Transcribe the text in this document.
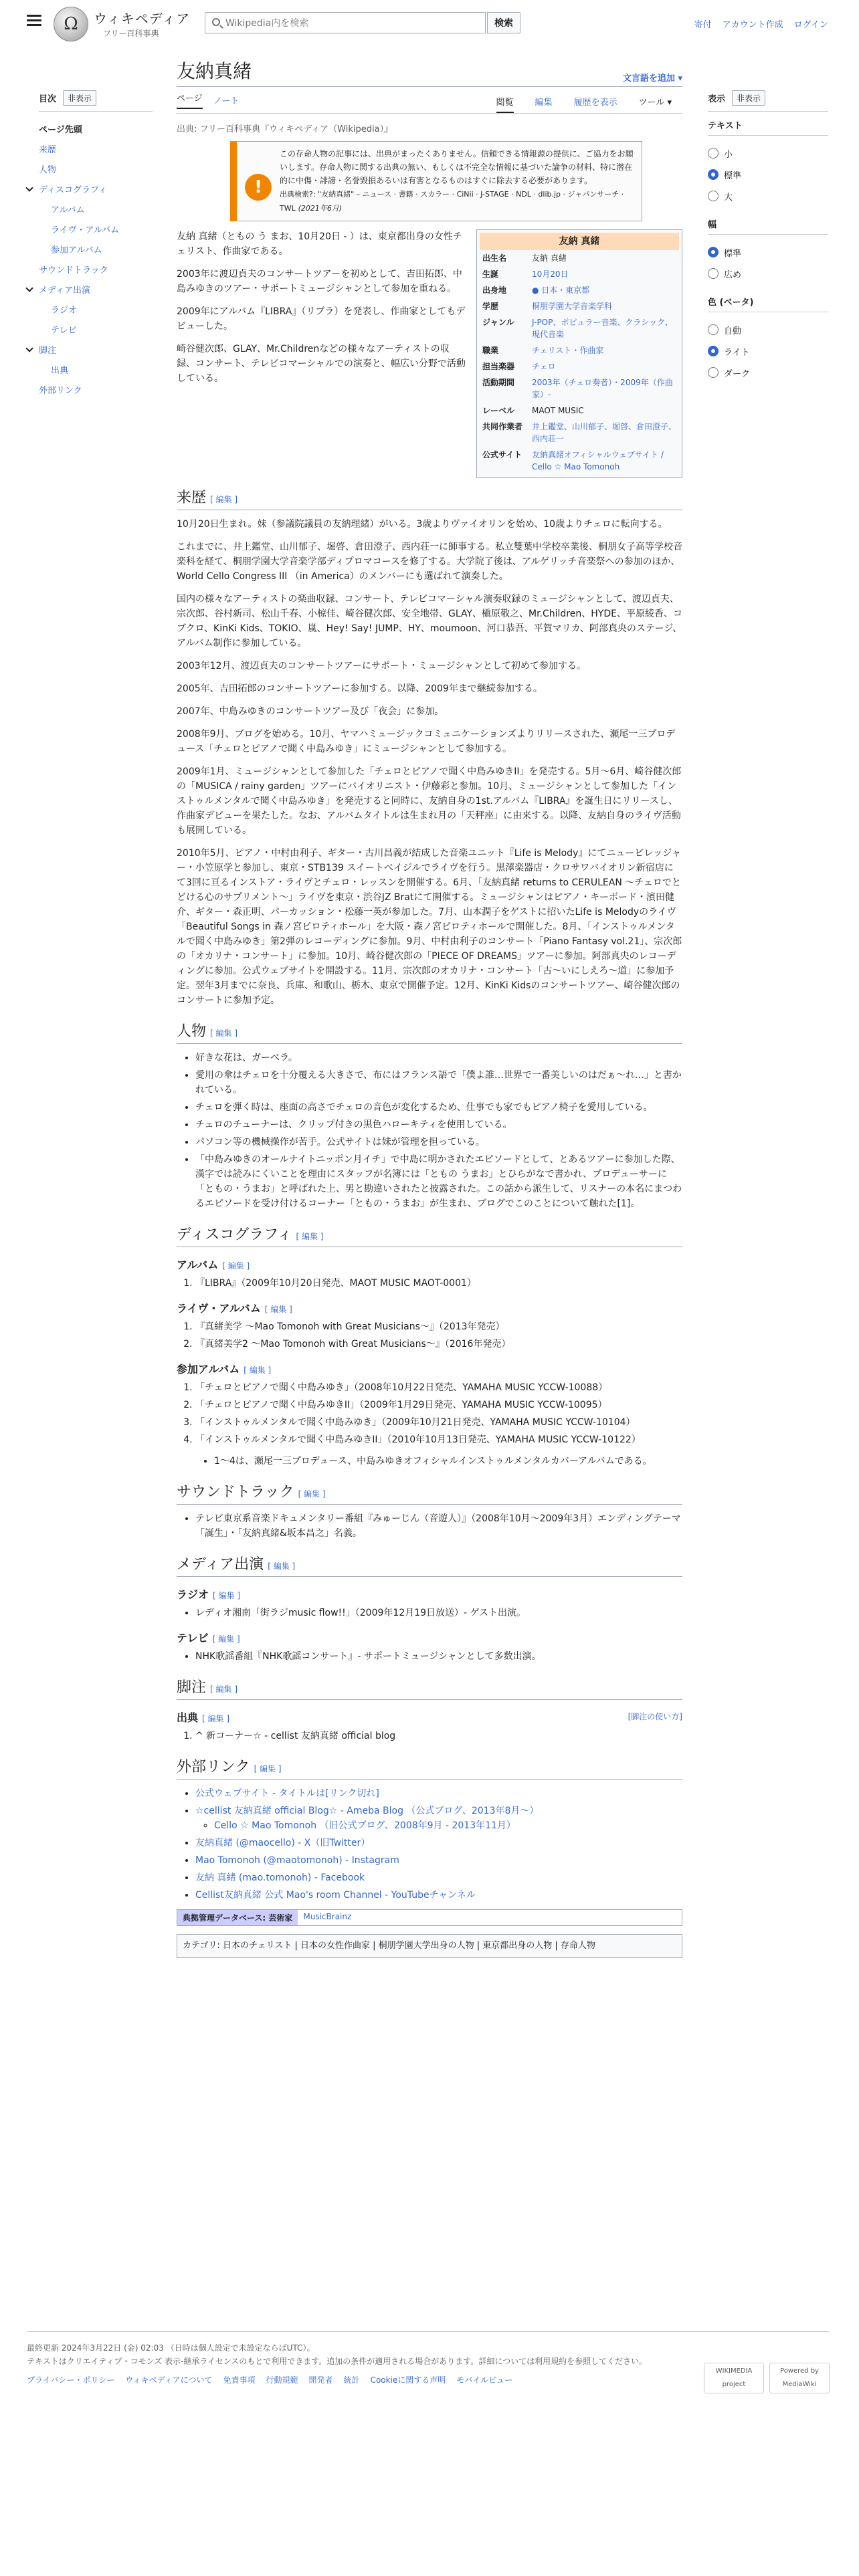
Ω	ウィキペディア
フリー百科事典
Wikipedia内を検索	検索	寄付 アカウント作成 ログイン
目次	非表示
ページ先頭
来歴
人物
ディスコグラフィ
アルバム
ライヴ・アルバム
参加アルバム
サウンドトラック
メディア出演
ラジオ
テレビ
脚注
出典
外部リンク
表示	非表示
テキスト
小
標準
大
幅
標準
広め
色 (ベータ)
自動
ライト
ダーク
友納真緒	文言語を追加 ▾
ページ ノート	閲覧 編集 履歴を表示 ツール ▾
出典: フリー百科事典『ウィキペディア（Wikipedia）』
!
この存命人物の記事には、出典がまったくありません。信頼できる情報源の提供に、ご協力をお願いします。存命人物に関する出典の無い、もしくは不完全な情報に基づいた論争の材料、特に潜在的に中傷・誹謗・名誉毀損あるいは有害となるものはすぐに除去する必要があります。
出典検索?: "友納真緒" – ニュース · 書籍 · スカラー · CiNii · J-STAGE · NDL · dlib.jp · ジャパンサーチ · TWL (2021年6月)
友納 真緒	
出生名	友納 真緒
生誕	10月20日
出身地	● 日本・東京都
学歴	桐朋学園大学音楽学科
ジャンル	J-POP、ポピュラー音楽、クラシック、現代音楽
職業	チェリスト・作曲家
担当楽器	チェロ
活動期間	2003年（チェロ奏者）・2009年（作曲家）-
レーベル	MAOT MUSIC
共同作業者	井上鑑堂、山川郁子、堀啓、倉田澄子、西内荘一
公式サイト	友納真緒オフィシャルウェブサイト / Cello ☆ Mao Tomonoh

友納 真緒（ともの う まお、10月20日 - ）は、東京都出身の女性チェリスト、作曲家である。

2003年に渡辺貞夫のコンサートツアーを初めとして、吉田拓郎、中島みゆきのツアー・サポートミュージシャンとして参加を重ねる。

2009年にアルバム『LIBRA』（リブラ）を発表し、作曲家としてもデビューした。

崎谷健次郎、GLAY、Mr.Childrenなどの様々なアーティストの収録、コンサート、テレビコマーシャルでの演奏と、幅広い分野で活動している。

来歴 [ 編集 ]

10月20日生まれ。妹（参議院議員の友納理緒）がいる。3歳よりヴァイオリンを始め、10歳よりチェロに転向する。

これまでに、井上鑑堂、山川郁子、堀啓、倉田澄子、西内荘一に師事する。私立雙葉中学校卒業後、桐朋女子高等学校音楽科を経て、桐朋学園大学音楽学部ディプロマコースを修了する。大学院了後は、アルゲリッチ音楽祭への参加のほか、World Cello Congress III （in America）のメンバーにも選ばれて演奏した。

国内の様々なアーティストの楽曲収録、コンサート、テレビコマーシャル演奏収録のミュージシャンとして、渡辺貞夫、宗次郎、谷村新司、松山千春、小椋佳、崎谷健次郎、安全地帯、GLAY、槇原敬之、Mr.Children、HYDE、平原綾香、コブクロ、KinKi Kids、TOKIO、嵐、Hey! Say! JUMP、HY、moumoon、河口恭吾、平賀マリカ、阿部真央のステージ、アルバム制作に参加している。

2003年12月、渡辺貞夫のコンサートツアーにサポート・ミュージシャンとして初めて参加する。

2005年、吉田拓郎のコンサートツアーに参加する。以降、2009年まで継続参加する。

2007年、中島みゆきのコンサートツアー及び「夜会」に参加。

2008年9月、ブログを始める。10月、ヤマハミュージックコミュニケーションズよりリリースされた、瀬尾一三プロデュース「チェロとピアノで聞く中島みゆき」にミュージシャンとして参加する。

2009年1月、ミュージシャンとして参加した「チェロとピアノで聞く中島みゆきII」を発売する。5月〜6月、崎谷健次郎の「MUSICA / rainy garden」ツアーにバイオリニスト・伊藤彩と参加。10月、ミュージシャンとして参加した「インストゥルメンタルで聞く中島みゆき」を発売すると同時に、友納自身の1st.アルバム『LIBRA』を誕生日にリリースし、作曲家デビューを果たした。なお、アルバムタイトルは生まれ月の「天秤座」に由来する。以降、友納自身のライヴ活動も展開している。

2010年5月、ピアノ・中村由利子、ギター・古川昌義が結成した音楽ユニット『Life is Melody』にてニュービレッジャー・小笠原学と参加し、東京・STB139 スイートベイジルでライヴを行う。黒澤楽器店・クロサワバイオリン新宿店にて3回に亘るインストア・ライヴとチェロ・レッスンを開催する。6月、「友納真緒 returns to CERULEAN 〜チェロでとどける心のサプリメント〜」ライヴを東京・渋谷JZ Bratにて開催する。ミュージシャンはピアノ・キーボード・濱田健介、ギター・森正明、パーカッション・松藤一英が参加した。7月、山本潤子をゲストに招いたLife is Melodyのライヴ「Beautiful Songs in 森ノ宮ピロティホール」を大阪・森ノ宮ピロティホールで開催した。8月、「インストゥルメンタルで聞く中島みゆき」第2弾のレコーディングに参加。9月、中村由利子のコンサート「Piano Fantasy vol.21」、宗次郎の「オカリナ・コンサート」に参加。10月、崎谷健次郎の「PIECE OF DREAMS」ツアーに参加。阿部真央のレコーディングに参加。公式ウェブサイトを開設する。11月、宗次郎のオカリナ・コンサート「古〜いにしえろ〜道」に参加予定。翌年3月までに奈良、兵庫、和歌山、栃木、東京で開催予定。12月、KinKi Kidsのコンサートツアー、崎谷健次郎のコンサートに参加予定。

人物 [ 編集 ]
• 好きな花は、ガーベラ。
• 愛用の傘はチェロを十分覆える大きさで、布にはフランス語で「僕よ誰…世界で一番美しいのはだぁ〜れ…」と書かれている。
• チェロを弾く時は、座面の高さでチェロの音色が変化するため、仕事でも家でもピアノ椅子を愛用している。
• チェロのチューナーは、クリップ付きの黒色ハローキティを使用している。
• パソコン等の機械操作が苦手。公式サイトは妹が管理を担っている。
• 「中島みゆきのオールナイトニッポン月イチ」で中島に明かされたエピソードとして、とあるツアーに参加した際、漢字では読みにくいことを理由にスタッフが名簿には「ともの うまお」とひらがなで書かれ、プロデューサーに「ともの・うまお」と呼ばれた上、男と勘違いされたと披露された。この話から派生して、リスナーの本名にまつわるエピソードを受け付けるコーナー「ともの・うまお」が生まれ、ブログでこのことについて触れた[1]。
ディスコグラフィ [ 編集 ]
アルバム [ 編集 ]
1. 『LIBRA』（2009年10月20日発売、MAOT MUSIC MAOT-0001）
ライヴ・アルバム [ 編集 ]
1. 『真緒美学 〜Mao Tomonoh with Great Musicians〜』（2013年発売）
2. 『真緒美学2 〜Mao Tomonoh with Great Musicians〜』（2016年発売）
参加アルバム [ 編集 ]
1. 「チェロとピアノで聞く中島みゆき」（2008年10月22日発売、YAMAHA MUSIC YCCW-10088）
2. 「チェロとピアノで聞く中島みゆきII」（2009年1月29日発売、YAMAHA MUSIC YCCW-10095）
3. 「インストゥルメンタルで聞く中島みゆき」（2009年10月21日発売、YAMAHA MUSIC YCCW-10104）
4. 「インストゥルメンタルで聞く中島みゆきII」（2010年10月13日発売、YAMAHA MUSIC YCCW-10122）
• 1〜4は、瀬尾一三プロデュース、中島みゆきオフィシャルインストゥルメンタルカバーアルバムである。
サウンドトラック [ 編集 ]
• テレビ東京系音楽ドキュメンタリー番組『みゅーじん（音遊人）』（2008年10月〜2009年3月）エンディングテーマ「誕生」・「友納真緒&坂本昌之」名義。
メディア出演 [ 編集 ]
ラジオ [ 編集 ]
• レディオ湘南「街ラジmusic flow!!」（2009年12月19日放送）- ゲスト出演。
テレビ [ 編集 ]
• NHK歌謡番組『NHK歌謡コンサート』- サポートミュージシャンとして多数出演。
脚注 [ 編集 ]
出典 [ 編集 ]	[脚注の使い方]
1. ^ 新コーナー☆ - cellist 友納真緒 official blog
外部リンク [ 編集 ]
• 公式ウェブサイト - タイトルは[リンク切れ]
• ☆cellist 友納真緒 official Blog☆ - Ameba Blog （公式ブログ、2013年8月〜）
◦ Cello ☆ Mao Tomonoh （旧公式ブログ、2008年9月 - 2013年11月）
• 友納真緒 (@maocello) - X（旧Twitter）
• Mao Tomonoh (@maotomonoh) - Instagram
• 友納 真緒 (mao.tomonoh) - Facebook
• Cellist友納真緒 公式 Mao's room Channel - YouTubeチャンネル
典拠管理データベース: 芸術家	MusicBrainz
カテゴリ: 日本のチェリスト | 日本の女性作曲家 | 桐朋学園大学出身の人物 | 東京都出身の人物 | 存命人物
最終更新 2024年3月22日 (金) 02:03 （日時は個人設定で未設定ならばUTC）。
テキストはクリエイティブ・コモンズ 表示-継承ライセンスのもとで利用できます。追加の条件が適用される場合があります。詳細については利用規約を参照してください。
プライバシー・ポリシー ウィキペディアについて 免責事項 行動規範 開発者 統計 Cookieに関する声明 モバイルビュー
WIKIMEDIA project
Powered by MediaWiki
